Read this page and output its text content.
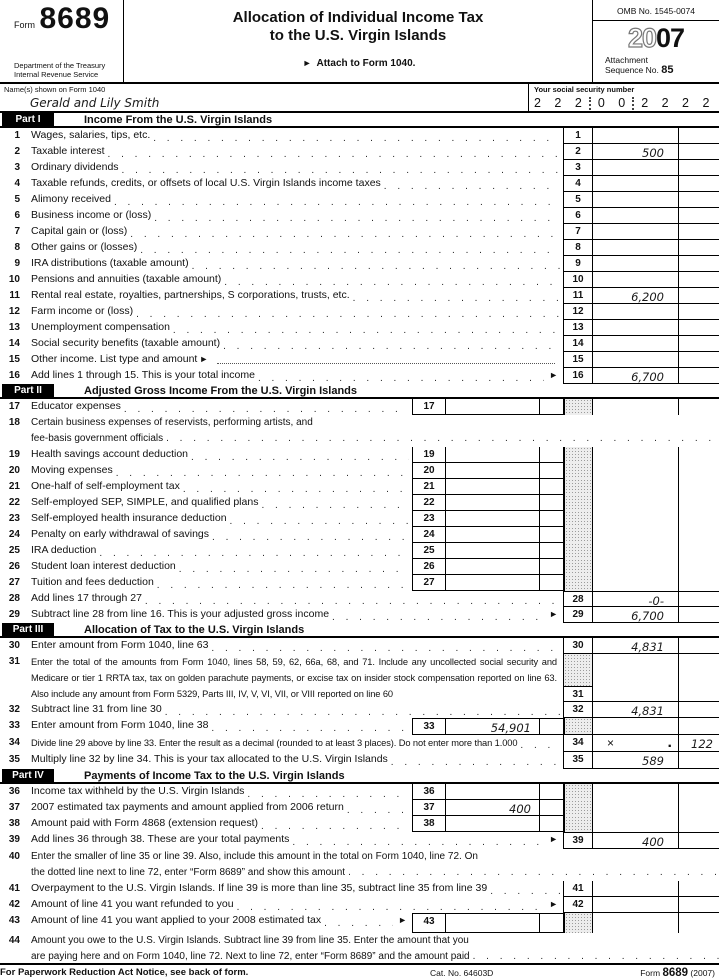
Form 8689
Department of the Treasury
Internal Revenue Service
Allocation of Individual Income Tax
to the U.S. Virgin Islands
► Attach to Form 1040.
OMB No. 1545-0074
2007
Attachment
Sequence No. 85
Name(s) shown on Form 1040
Gerald and Lily Smith
Your social security number
2 2 2 0 0 2 2 2 2
Part I	Income From the U.S. Virgin Islands
1 Wages, salaries, tips, etc. . . .	1
2 Taxable interest . . .	2	500
3 Ordinary dividends . . .	3
4 Taxable refunds, credits, or offsets of local U.S. Virgin Islands income taxes . . .	4
5 Alimony received . . .	5
6 Business income or (loss) . . .	6
7 Capital gain or (loss) . . .	7
8 Other gains or (losses) . . .	8
9 IRA distributions (taxable amount) . . .	9
10 Pensions and annuities (taxable amount) . . .	10
11 Rental real estate, royalties, partnerships, S corporations, trusts, etc. . . .	11	6,200
12 Farm income or (loss) . . .	12
13 Unemployment compensation . . .	13
14 Social security benefits (taxable amount) . . .	14
15 Other income. List type and amount ►	15
16 Add lines 1 through 15. This is your total income . . .	►	16	6,700
Part II	Adjusted Gross Income From the U.S. Virgin Islands
17 Educator expenses . . .	17
18 Certain business expenses of reservists, performing artists, and
fee-basis government officials
. . .
19 Health savings account deduction . . .	19
20 Moving expenses . . .	20
21 One-half of self-employment tax . . .	21
22 Self-employed SEP, SIMPLE, and qualified plans . . .	22
23 Self-employed health insurance deduction . . .	23
24 Penalty on early withdrawal of savings . . .	24
25 IRA deduction . . .	25
26 Student loan interest deduction . . .	26
27 Tuition and fees deduction . . .	27
28 Add lines 17 through 27 . . .	28	-0-
29 Subtract line 28 from line 16. This is your adjusted gross income . . .	►	29	6,700
Part III	Allocation of Tax to the U.S. Virgin Islands
30 Enter amount from Form 1040, line 63 . . .	30	4,831
31 Enter the total of the amounts from Form 1040, lines 58, 59, 62, 66a, 68, and 71. Include any uncollected social security and Medicare or tier 1 RRTA tax, tax on golden parachute payments, or excise tax on insider stock compensation reported on line 63. Also include any amount from Form 5329, Parts III, IV, V, VI, VII, or VIII reported on line 60	31
32 Subtract line 31 from line 30 . . .	32	4,831
33 Enter amount from Form 1040, line 38 . . .	33	54,901
34 Divide line 29 above by line 33. Enter the result as a decimal (rounded to at least 3 places). Do not enter more than 1.000 . . .	34	×	.	122
35 Multiply line 32 by line 34. This is your tax allocated to the U.S. Virgin Islands . . .	35	589
Part IV	Payments of Income Tax to the U.S. Virgin Islands
36 Income tax withheld by the U.S. Virgin Islands . . .	36
37 2007 estimated tax payments and amount applied from 2006 return . . .	37	400
38 Amount paid with Form 4868 (extension request) . . .	38
39 Add lines 36 through 38. These are your total payments . . .	►	39	400
40 Enter the smaller of line 35 or line 39. Also, include this amount in the total on Form 1040, line 72. On
the dotted line next to line 72, enter “Form 8689” and show this amount
. . .
41 Overpayment to the U.S. Virgin Islands. If line 39 is more than line 35, subtract line 35 from line 39 . . .	41
42 Amount of line 41 you want refunded to you . . .	►	42
43 Amount of line 41 you want applied to your 2008 estimated tax . . .	►	43
44 Amount you owe to the U.S. Virgin Islands. Subtract line 39 from line 35. Enter the amount that you
are paying here and on Form 1040, line 72. Next to line 72, enter “Form 8689” and the amount paid
. . .
For Paperwork Reduction Act Notice, see back of form.	Cat. No. 64603D	Form 8689 (2007)
